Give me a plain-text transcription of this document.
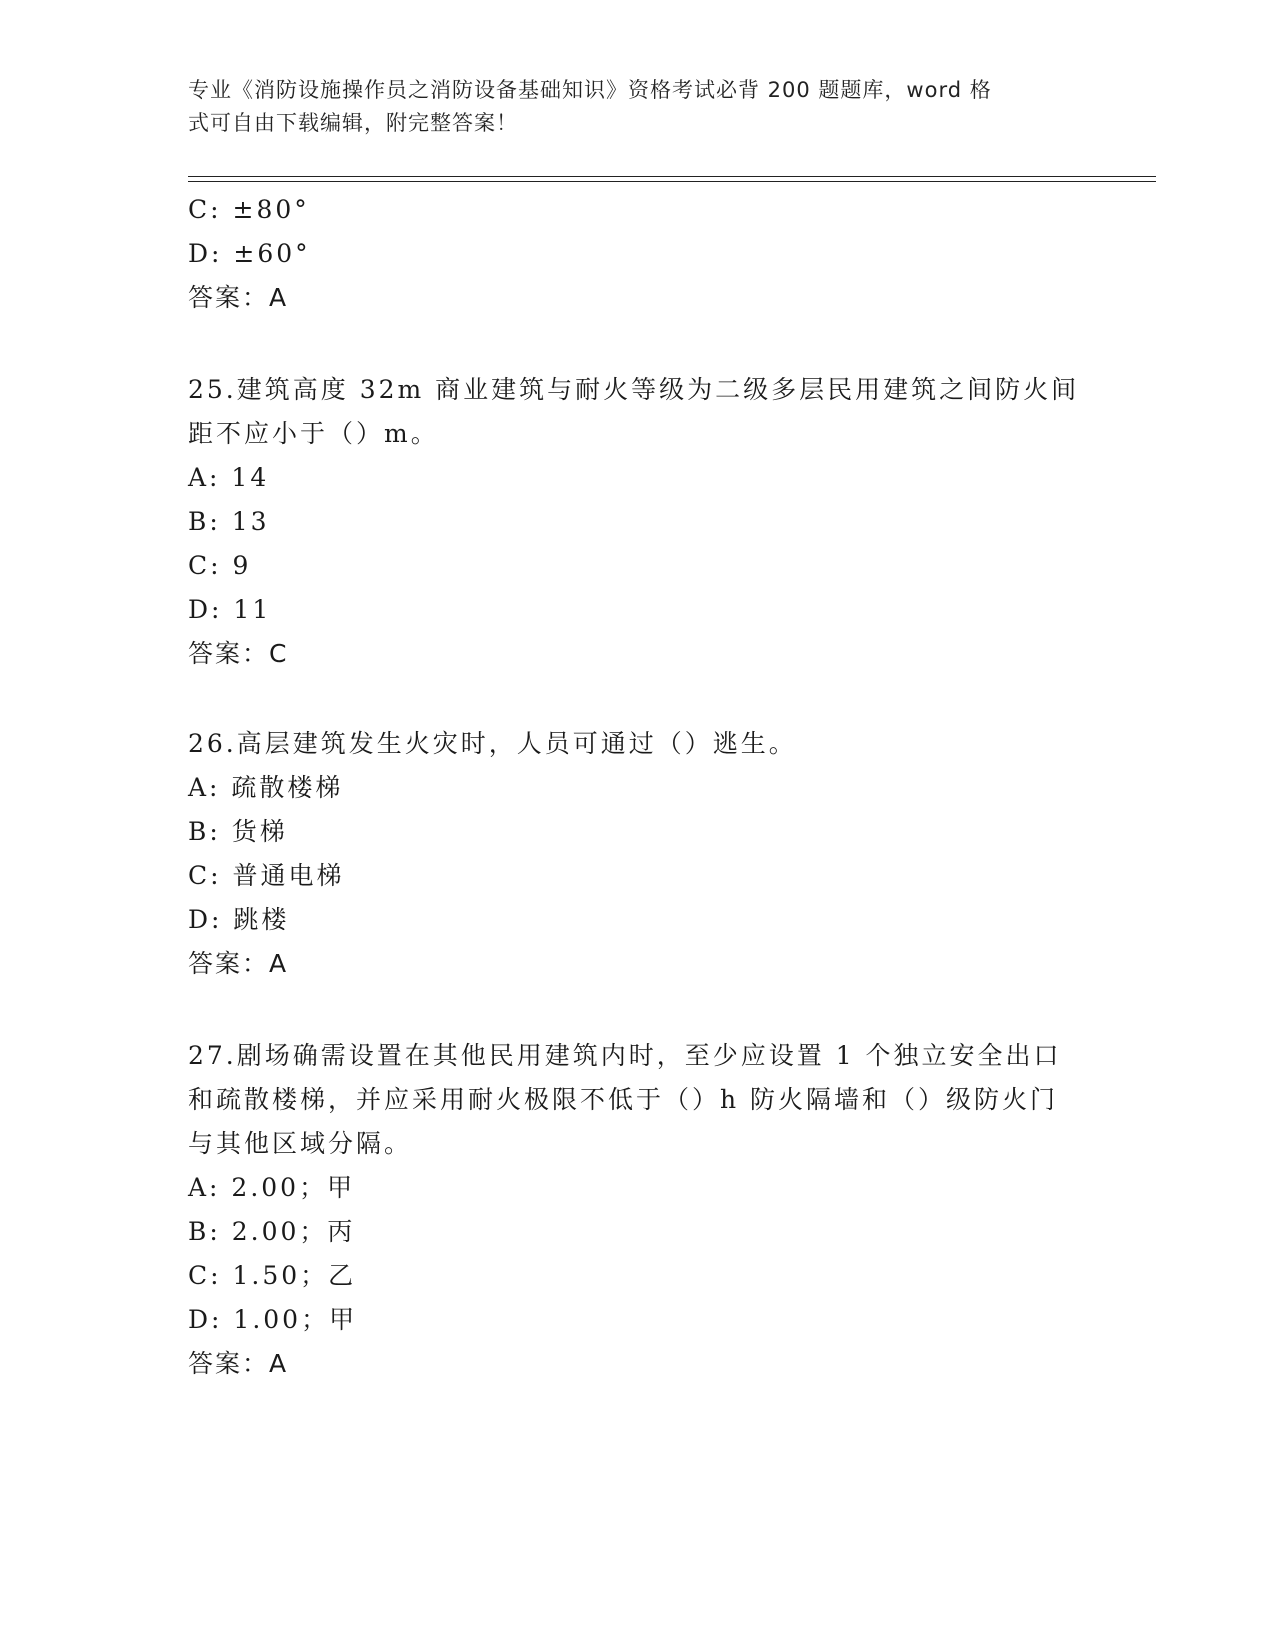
专业《消防设施操作员之消防设备基础知识》资格考试必背 200 题题库，word 格
式可自由下载编辑，附完整答案！
C: ±80°
D: ±60°
答案：A
25.建筑高度 32m 商业建筑与耐火等级为二级多层民用建筑之间防火间
距不应小于（）m。
A: 14
B: 13
C: 9
D: 11
答案：C
26.高层建筑发生火灾时，人员可通过（）逃生。
A: 疏散楼梯
B: 货梯
C: 普通电梯
D: 跳楼
答案：A
27.剧场确需设置在其他民用建筑内时，至少应设置 1 个独立安全出口
和疏散楼梯，并应采用耐火极限不低于（）h 防火隔墙和（）级防火门
与其他区域分隔。
A: 2.00；甲
B: 2.00；丙
C: 1.50；乙
D: 1.00；甲
答案：A
